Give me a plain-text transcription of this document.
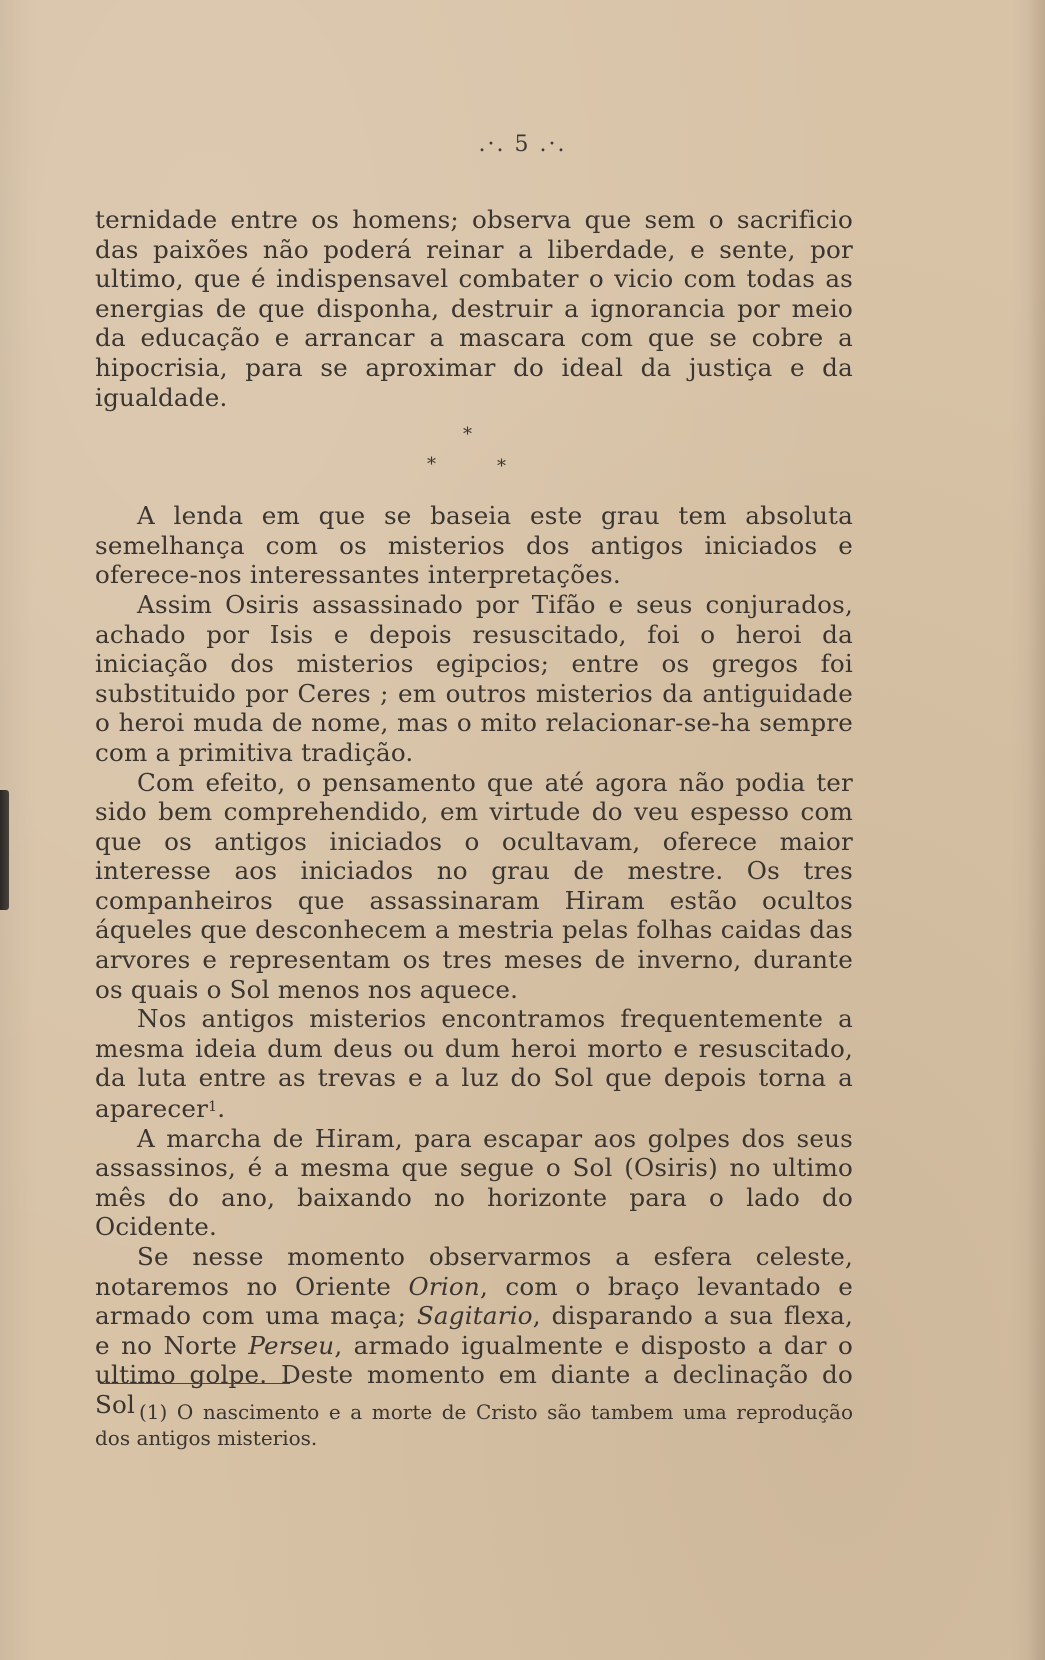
.·. 5 .·.

ternidade entre os homens; observa que sem o sacrificio das paixões não poderá reinar a liberdade, e sente, por ultimo, que é indispensavel combater o vicio com todas as energias de que disponha, destruir a ignorancia por meio da educação e arrancar a mascara com que se cobre a hipocrisia, para se aproximar do ideal da justiça e da igualdade.

*
*	*

A lenda em que se baseia este grau tem absoluta semelhança com os misterios dos antigos iniciados e oferece-nos interessantes interpretações.

Assim Osiris assassinado por Tifão e seus conjurados, achado por Isis e depois resuscitado, foi o heroi da iniciação dos misterios egipcios; entre os gregos foi substituido por Ceres ; em outros misterios da antiguidade o heroi muda de nome, mas o mito relacionar-se-ha sempre com a primitiva tradição.

Com efeito, o pensamento que até agora não podia ter sido bem comprehendido, em virtude do veu espesso com que os antigos iniciados o ocultavam, oferece maior interesse aos iniciados no grau de mestre. Os tres companheiros que assassinaram Hiram estão ocultos áqueles que desconhecem a mestria pelas folhas caidas das arvores e representam os tres meses de inverno, durante os quais o Sol menos nos aquece.

Nos antigos misterios encontramos frequentemente a mesma ideia dum deus ou dum heroi morto e resuscitado, da luta entre as trevas e a luz do Sol que depois torna a aparecer$^1$.

A marcha de Hiram, para escapar aos golpes dos seus assassinos, é a mesma que segue o Sol (Osiris) no ultimo mês do ano, baixando no horizonte para o lado do Ocidente.

Se nesse momento observarmos a esfera celeste, notaremos no Oriente Orion, com o braço levantado e armado com uma maça; Sagitario, disparando a sua flexa, e no Norte Perseu, armado igualmente e disposto a dar o ultimo golpe. Deste momento em diante a declinação do Sol (1) O nascimento e a morte de Cristo são tambem uma reprodução dos antigos misterios.
